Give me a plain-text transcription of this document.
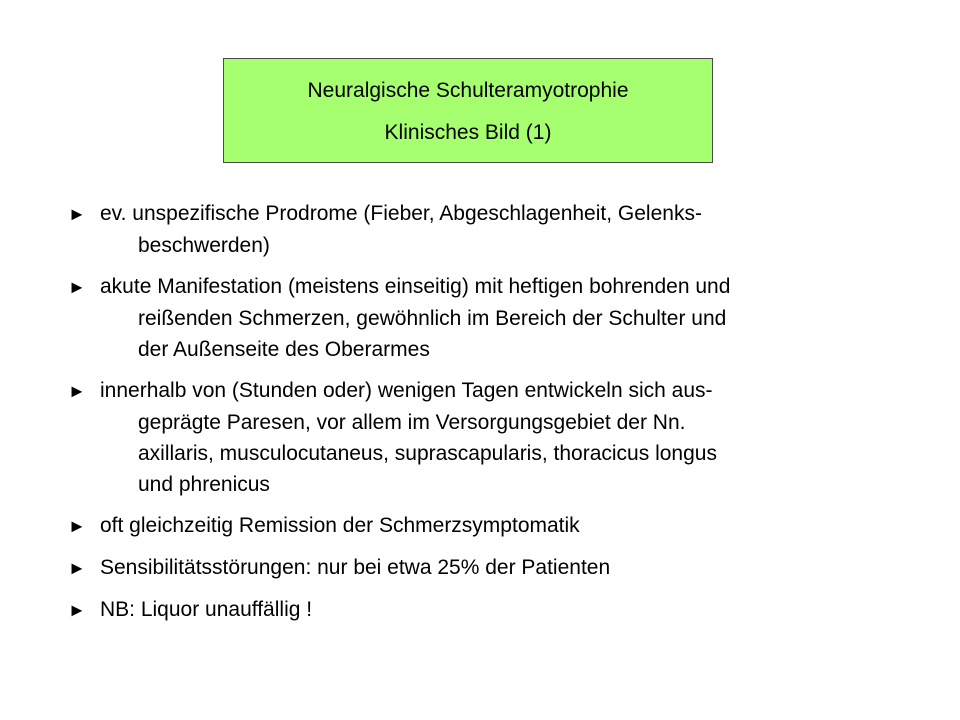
Neuralgische Schulteramyotrophie
Klinisches Bild (1)
► ev. unspezifische Prodrome (Fieber, Abgeschlagenheit, Gelenks-
beschwerden)
► akute Manifestation (meistens einseitig) mit heftigen bohrenden und
reißenden Schmerzen, gewöhnlich im Bereich der Schulter und
der Außenseite des Oberarmes
► innerhalb von (Stunden oder) wenigen Tagen entwickeln sich aus-
geprägte Paresen, vor allem im Versorgungsgebiet der Nn.
axillaris, musculocutaneus, suprascapularis, thoracicus longus
und phrenicus
► oft gleichzeitig Remission der Schmerzsymptomatik
► Sensibilitätsstörungen: nur bei etwa 25% der Patienten
► NB: Liquor unauffällig !
